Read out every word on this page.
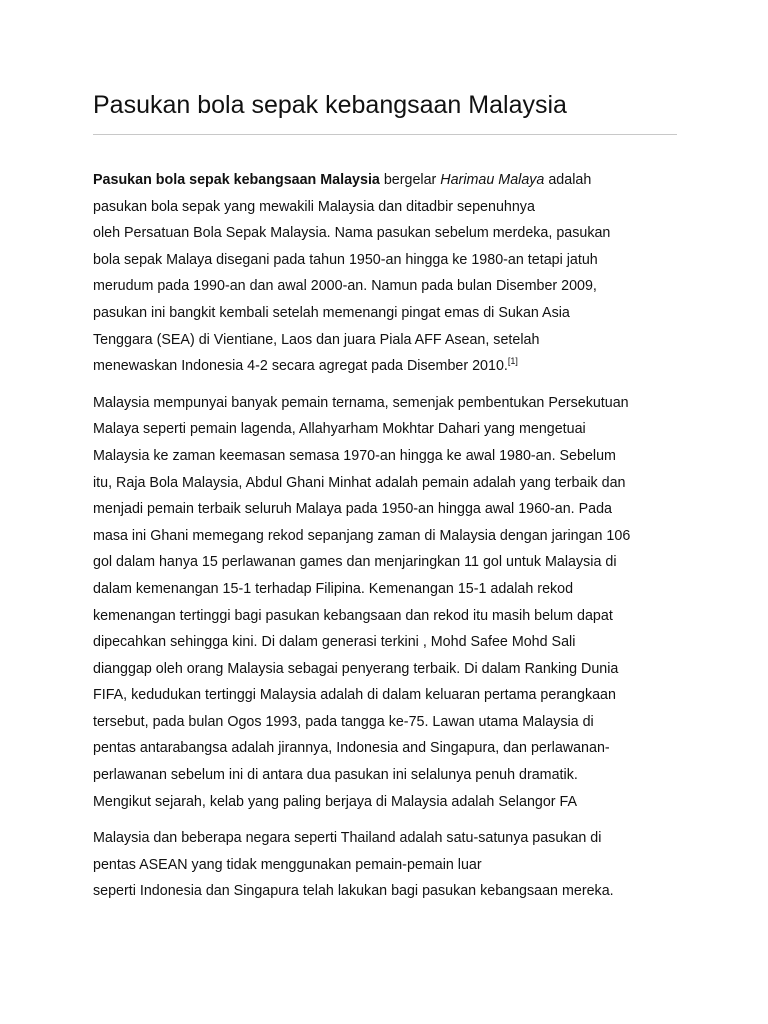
Pasukan bola sepak kebangsaan Malaysia

Pasukan bola sepak kebangsaan Malaysia bergelar Harimau Malaya adalah
pasukan bola sepak yang mewakili Malaysia dan ditadbir sepenuhnya
oleh Persatuan Bola Sepak Malaysia. Nama pasukan sebelum merdeka, pasukan
bola sepak Malaya disegani pada tahun 1950-an hingga ke 1980-an tetapi jatuh
merudum pada 1990-an dan awal 2000-an. Namun pada bulan Disember 2009,
pasukan ini bangkit kembali setelah memenangi pingat emas di Sukan Asia
Tenggara (SEA) di Vientiane, Laos dan juara Piala AFF Asean, setelah
menewaskan Indonesia 4-2 secara agregat pada Disember 2010.[1]

Malaysia mempunyai banyak pemain ternama, semenjak pembentukan Persekutuan
Malaya seperti pemain lagenda, Allahyarham Mokhtar Dahari yang mengetuai
Malaysia ke zaman keemasan semasa 1970-an hingga ke awal 1980-an. Sebelum
itu, Raja Bola Malaysia, Abdul Ghani Minhat adalah pemain adalah yang terbaik dan
menjadi pemain terbaik seluruh Malaya pada 1950-an hingga awal 1960-an. Pada
masa ini Ghani memegang rekod sepanjang zaman di Malaysia dengan jaringan 106
gol dalam hanya 15 perlawanan games dan menjaringkan 11 gol untuk Malaysia di
dalam kemenangan 15-1 terhadap Filipina. Kemenangan 15-1 adalah rekod
kemenangan tertinggi bagi pasukan kebangsaan dan rekod itu masih belum dapat
dipecahkan sehingga kini. Di dalam generasi terkini , Mohd Safee Mohd Sali
dianggap oleh orang Malaysia sebagai penyerang terbaik. Di dalam Ranking Dunia
FIFA, kedudukan tertinggi Malaysia adalah di dalam keluaran pertama perangkaan
tersebut, pada bulan Ogos 1993, pada tangga ke-75. Lawan utama Malaysia di
pentas antarabangsa adalah jirannya, Indonesia and Singapura, dan perlawanan-
perlawanan sebelum ini di antara dua pasukan ini selalunya penuh dramatik.
Mengikut sejarah, kelab yang paling berjaya di Malaysia adalah Selangor FA

Malaysia dan beberapa negara seperti Thailand adalah satu-satunya pasukan di
pentas ASEAN yang tidak menggunakan pemain-pemain luar
seperti Indonesia dan Singapura telah lakukan bagi pasukan kebangsaan mereka.
